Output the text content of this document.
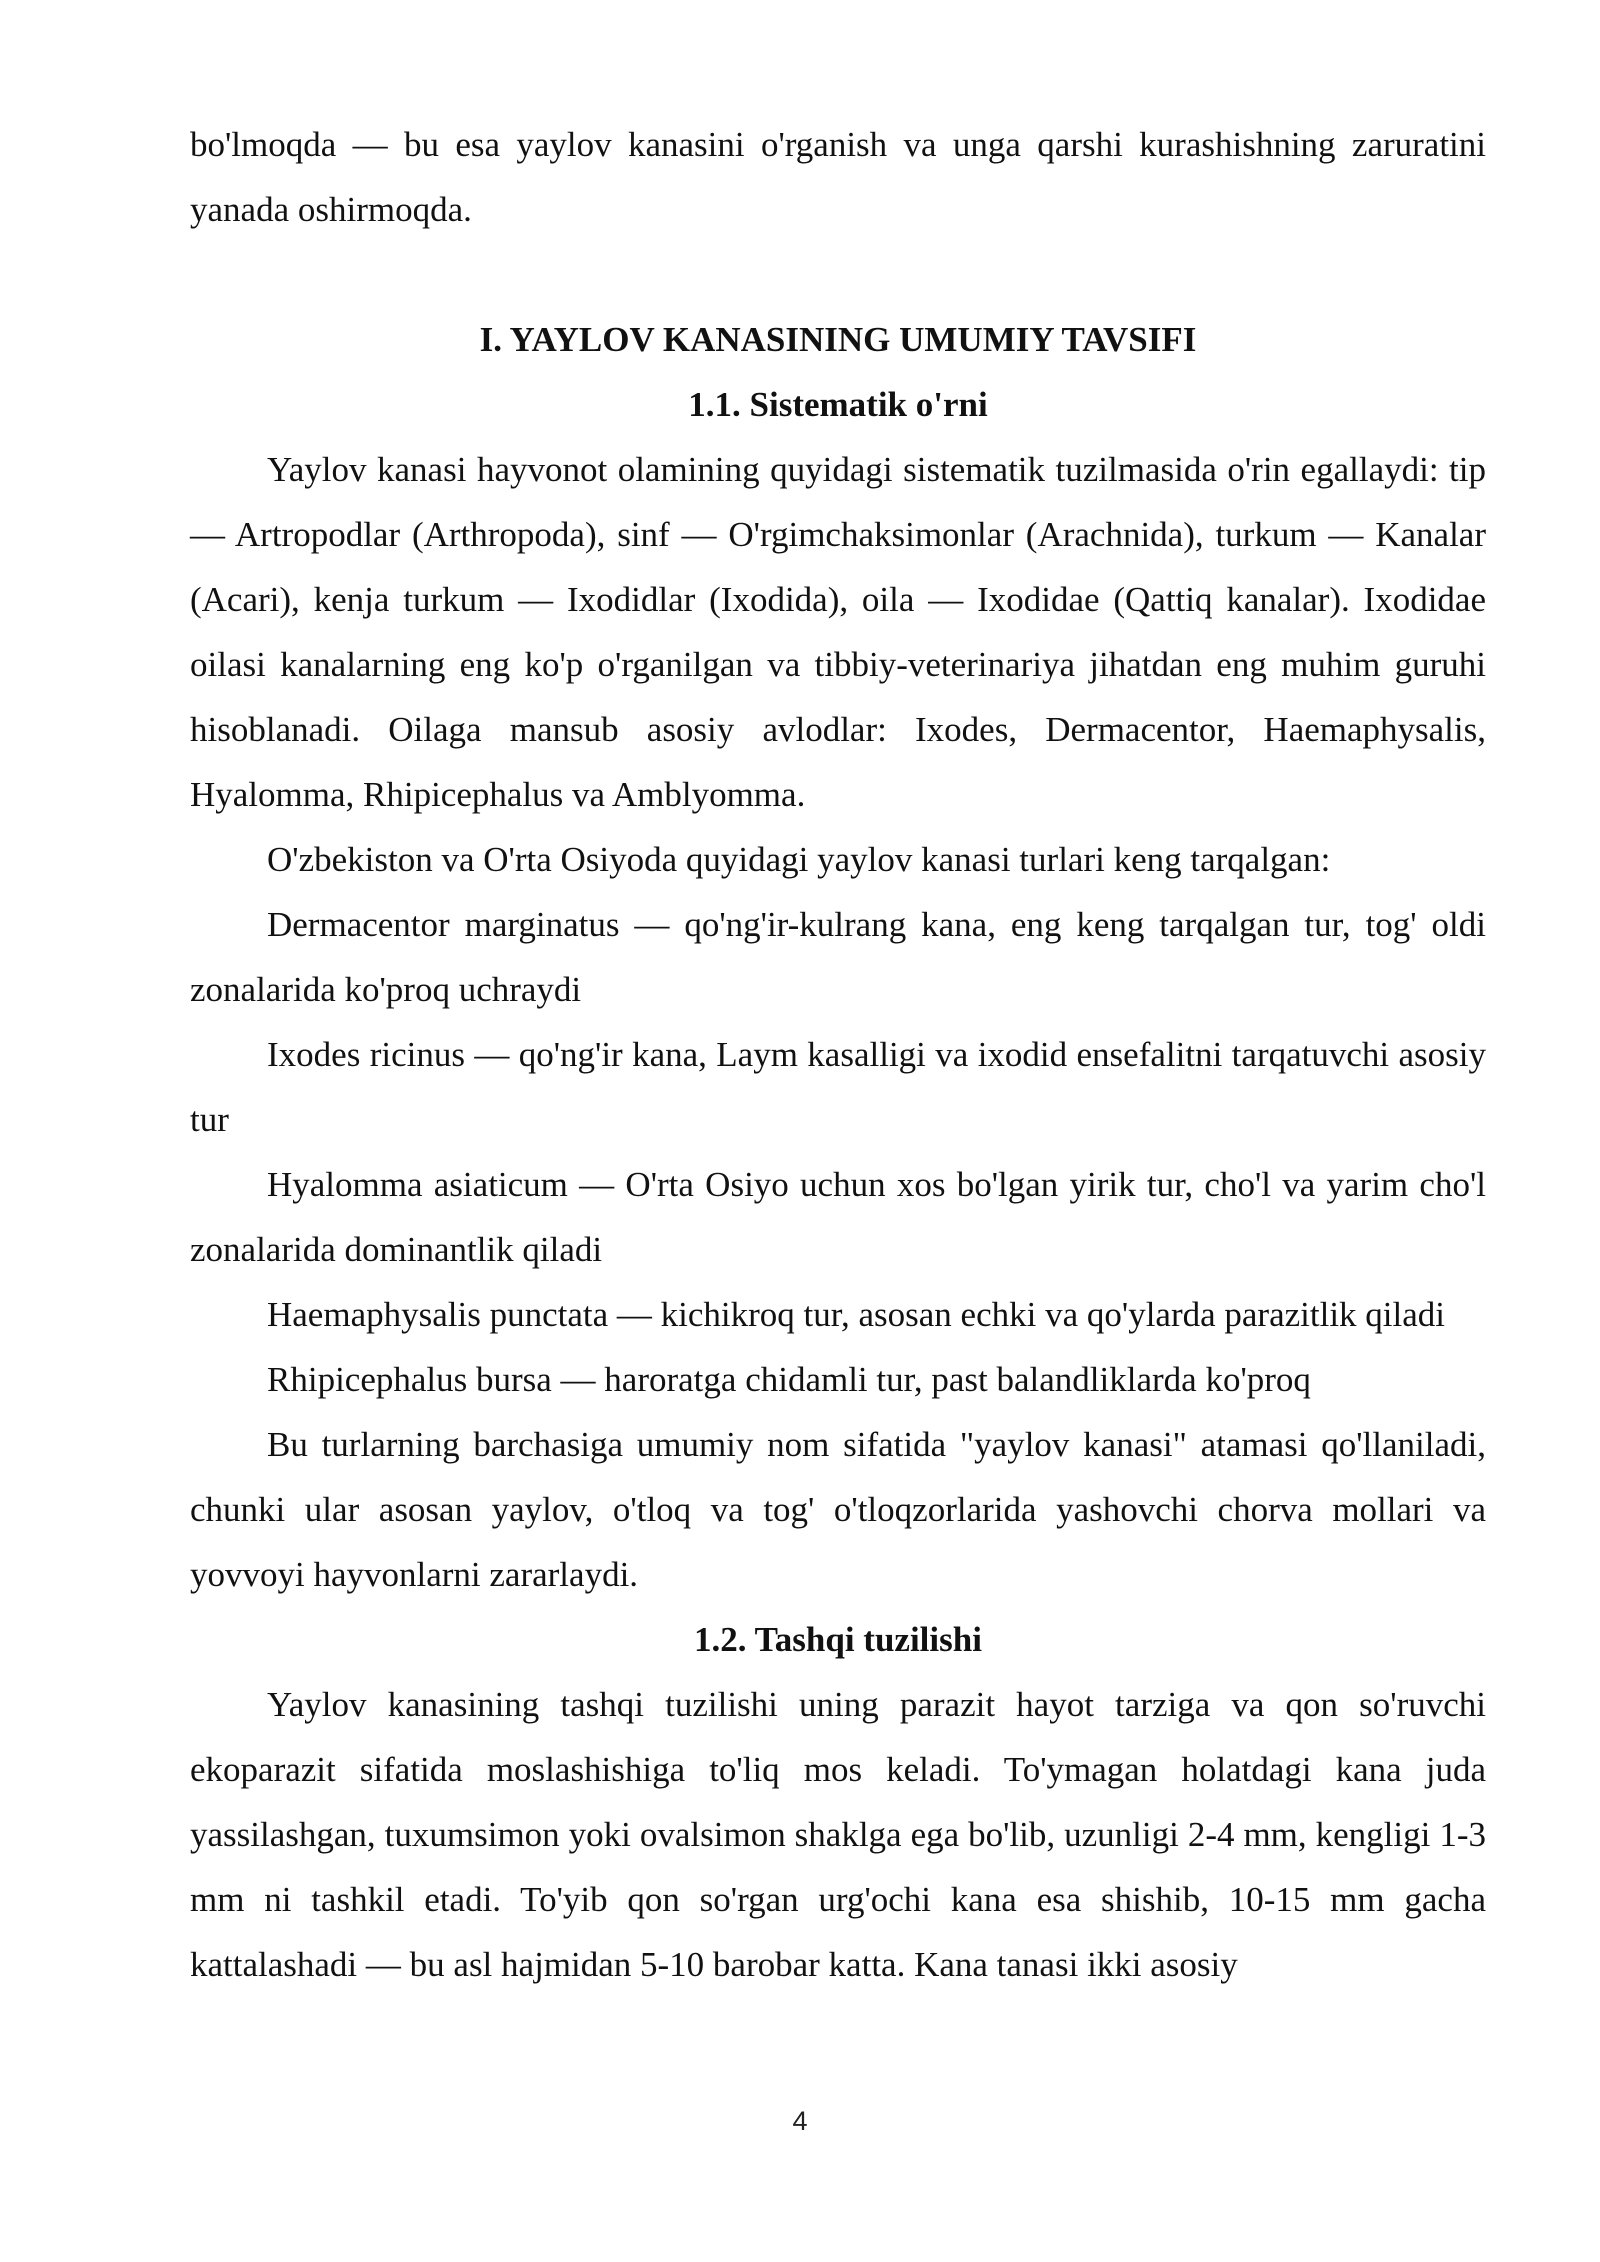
bo'lmoqda — bu esa yaylov kanasini o'rganish va unga qarshi kurashishning zaruratini yanada oshirmoqda.

I. YAYLOV KANASINING UMUMIY TAVSIFI
1.1. Sistematik o'rni

Yaylov kanasi hayvonot olamining quyidagi sistematik tuzilmasida o'rin egallaydi: tip — Artropodlar (Arthropoda), sinf — O'rgimchaksimonlar (Arachnida), turkum — Kanalar (Acari), kenja turkum — Ixodidlar (Ixodida), oila — Ixodidae (Qattiq kanalar). Ixodidae oilasi kanalarning eng ko'p o'rganilgan va tibbiy-veterinariya jihatdan eng muhim guruhi hisoblanadi. Oilaga mansub asosiy avlodlar: Ixodes, Dermacentor, Haemaphysalis, Hyalomma, Rhipicephalus va Amblyomma.

O'zbekiston va O'rta Osiyoda quyidagi yaylov kanasi turlari keng tarqalgan:

Dermacentor marginatus — qo'ng'ir-kulrang kana, eng keng tarqalgan tur, tog' oldi zonalarida ko'proq uchraydi

Ixodes ricinus — qo'ng'ir kana, Laym kasalligi va ixodid ensefalitni tarqatuvchi asosiy tur

Hyalomma asiaticum — O'rta Osiyo uchun xos bo'lgan yirik tur, cho'l va yarim cho'l zonalarida dominantlik qiladi

Haemaphysalis punctata — kichikroq tur, asosan echki va qo'ylarda parazitlik qiladi

Rhipicephalus bursa — haroratga chidamli tur, past balandliklarda ko'proq

Bu turlarning barchasiga umumiy nom sifatida "yaylov kanasi" atamasi qo'llaniladi, chunki ular asosan yaylov, o'tloq va tog' o'tloqzorlarida yashovchi chorva mollari va yovvoyi hayvonlarni zararlaydi.

1.2. Tashqi tuzilishi

Yaylov kanasining tashqi tuzilishi uning parazit hayot tarziga va qon so'ruvchi ekoparazit sifatida moslashishiga to'liq mos keladi. To'ymagan holatdagi kana juda yassilashgan, tuxumsimon yoki ovalsimon shaklga ega bo'lib, uzunligi 2-4 mm, kengligi 1-3 mm ni tashkil etadi. To'yib qon so'rgan urg'ochi kana esa shishib, 10-15 mm gacha kattalashadi — bu asl hajmidan 5-10 barobar katta. Kana tanasi ikki asosiy

4
